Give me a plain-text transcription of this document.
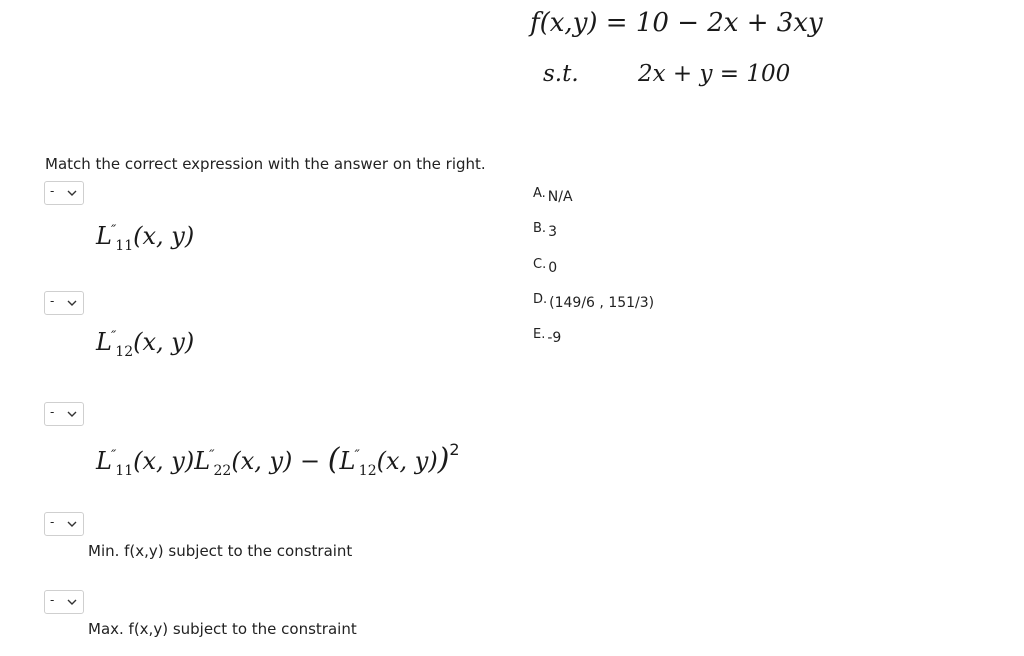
f(x,y) = 10 − 2x + 3xy
s.t.	2x + y = 100
Match the correct expression with the answer on the right.
-
$L''_{11}(x$, y)
-
$L''_{12}(x$, y)
-
$L''_{11}(x$, $y)L''_{22}(x$, $y) - (L''_{12}(x$, y))$^2$
-
Min. f(x,y) subject to the constraint
-
Max. f(x,y) subject to the constraint
A. N/A
B. 3
C. 0
D. (149/6 , 151/3)
E. -9
